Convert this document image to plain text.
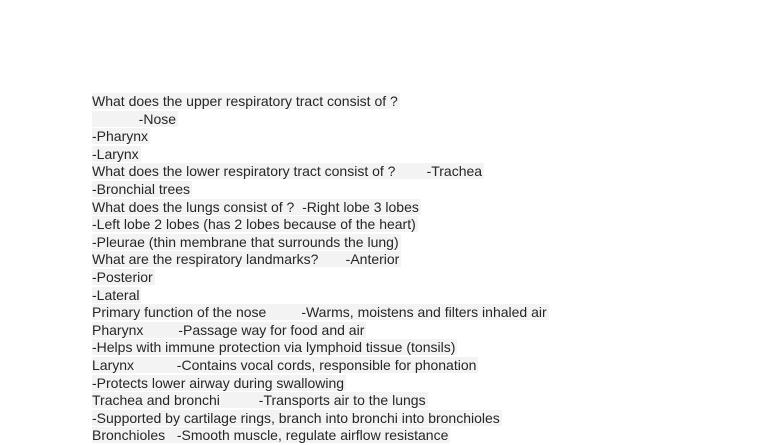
What does the upper respiratory tract consist of ?
-Nose
-Pharynx
-Larynx
What does the lower respiratory tract consist of ?        -Trachea
-Bronchial trees
What does the lungs consist of ?  -Right lobe 3 lobes
-Left lobe 2 lobes (has 2 lobes because of the heart)
-Pleurae (thin membrane that surrounds the lung)
What are the respiratory landmarks?       -Anterior
-Posterior
-Lateral
Primary function of the nose         -Warms, moistens and filters inhaled air
Pharynx         -Passage way for food and air
-Helps with immune protection via lymphoid tissue (tonsils)
Larynx           -Contains vocal cords, responsible for phonation
-Protects lower airway during swallowing
Trachea and bronchi          -Transports air to the lungs
-Supported by cartilage rings, branch into bronchi into bronchioles
Bronchioles   -Smooth muscle, regulate airflow resistance
